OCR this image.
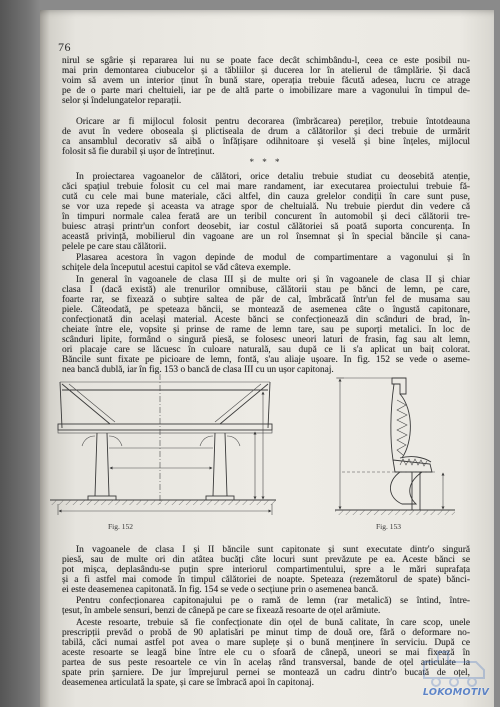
76
nirul se sgârie și repararea lui nu se poate face decât schimbându-l, ceea ce este posibil nu-
mai prin demontarea ciubucelor și a tăbliilor și ducerea lor în atelierul de tâmplărie. Și dacă
voim să avem un interior ținut în bună stare, operația trebuie făcută adesea, lucru ce atrage
pe de o parte mari cheltuieli, iar pe de altă parte o imobilizare mare a vagonului în timpul de-
selor și îndelungatelor reparații.
Oricare ar fi mijlocul folosit pentru decorarea (îmbrăcarea) pereților, trebuie întotdeauna
de avut în vedere oboseala și plictiseala de drum a călătorilor și deci trebuie de urmărit
ca ansamblul decorativ să aibă o înfățișare odihnitoare și veselă și bine înțeles, mijlocul
folosit să fie durabil și ușor de întreținut.
* * *
În proiectarea vagoanelor de călători, orice detaliu trebuie studiat cu deosebită atenție,
căci spațiul trebuie folosit cu cel mai mare randament, iar executarea proiectului trebuie fă-
cută cu cele mai bune materiale, căci altfel, din cauza grelelor condiții în care sunt puse,
se vor uza repede și aceasta va atrage spor de cheltuială. Nu trebuie pierdut din vedere că
în timpuri normale calea ferată are un teribil concurent în automobil și deci călătorii tre-
buiesc atrași printr'un confort deosebit, iar costul călătoriei să poată suporta concurența. În
această privință, mobilierul din vagoane are un rol însemnat și în special băncile și cana-
pelele pe care stau călătorii.
Plasarea acestora în vagon depinde de modul de compartimentare a vagonului și în
schițele dela începutul acestui capitol se văd câteva exemple.
În general în vagoanele de clasa III și de multe ori și în vagoanele de clasa II și chiar
clasa I (dacă există) ale trenurilor omnibuse, călătorii stau pe bănci de lemn, pe care,
foarte rar, se fixează o subțire saltea de păr de cal, îmbrăcată într'un fel de musama sau
piele. Câteodată, pe speteaza băncii, se montează de asemenea câte o îngustă capitonare,
confecționată din același material. Aceste bănci se confecționează din scânduri de brad, în-
cheiate între ele, vopsite și prinse de rame de lemn tare, sau pe suporți metalici. În loc de
scânduri lipite, formând o singură piesă, se folosesc uneori laturi de frasin, fag sau alt lemn,
ori placaje care se lăcuesc în culoare naturală, sau după ce li s'a aplicat un baiț colorat.
Băncile sunt fixate pe picioare de lemn, fontă, s'au aliaje ușoare. În fig. 152 se vede o aseme-
nea bancă dublă, iar în fig. 153 o bancă de clasa III cu un ușor capitonaj.
Fig. 152	Fig. 153
În vagoanele de clasa I și II băncile sunt capitonate și sunt executate dintr'o singură
piesă, sau de multe ori din atâtea bucăți câte locuri sunt prevăzute pe ea. Aceste bănci se
pot mișca, deplasându-se puțin spre interiorul compartimentului, spre a le mări suprafața
și a fi astfel mai comode în timpul călătoriei de noapte. Speteaza (rezemătorul de spate) bănci-
ei este deasemenea capitonată. În fig. 154 se vede o secțiune prin o asemenea bancă.
Pentru confecționarea capitonajului pe o ramă de lemn (rar metalică) se întind, între-
țesut, în ambele sensuri, benzi de cânepă pe care se fixează resoarte de oțel arămiute.
Aceste resoarte, trebuie să fie confecționate din oțel de bună calitate, în care scop, unele
prescripții prevăd o probă de 90 aplatisări pe minut timp de două ore, fără o deformare no-
tabilă, căci numai astfel pot avea o mare suplețe și o bună menținere în serviciu. După ce
aceste resoarte se leagă bine între ele cu o sfoară de cânepă, uneori se mai fixează în
partea de sus peste resoartele ce vin în acelaș rând transversal, bande de oțel articulate la
spate prin șarniere. De jur împrejurul pernei se montează un cadru dintr'o bucată de oțel,
deasemenea articulată la spate, și care se îmbracă apoi în capitonaj.
LOKOMOTIV
